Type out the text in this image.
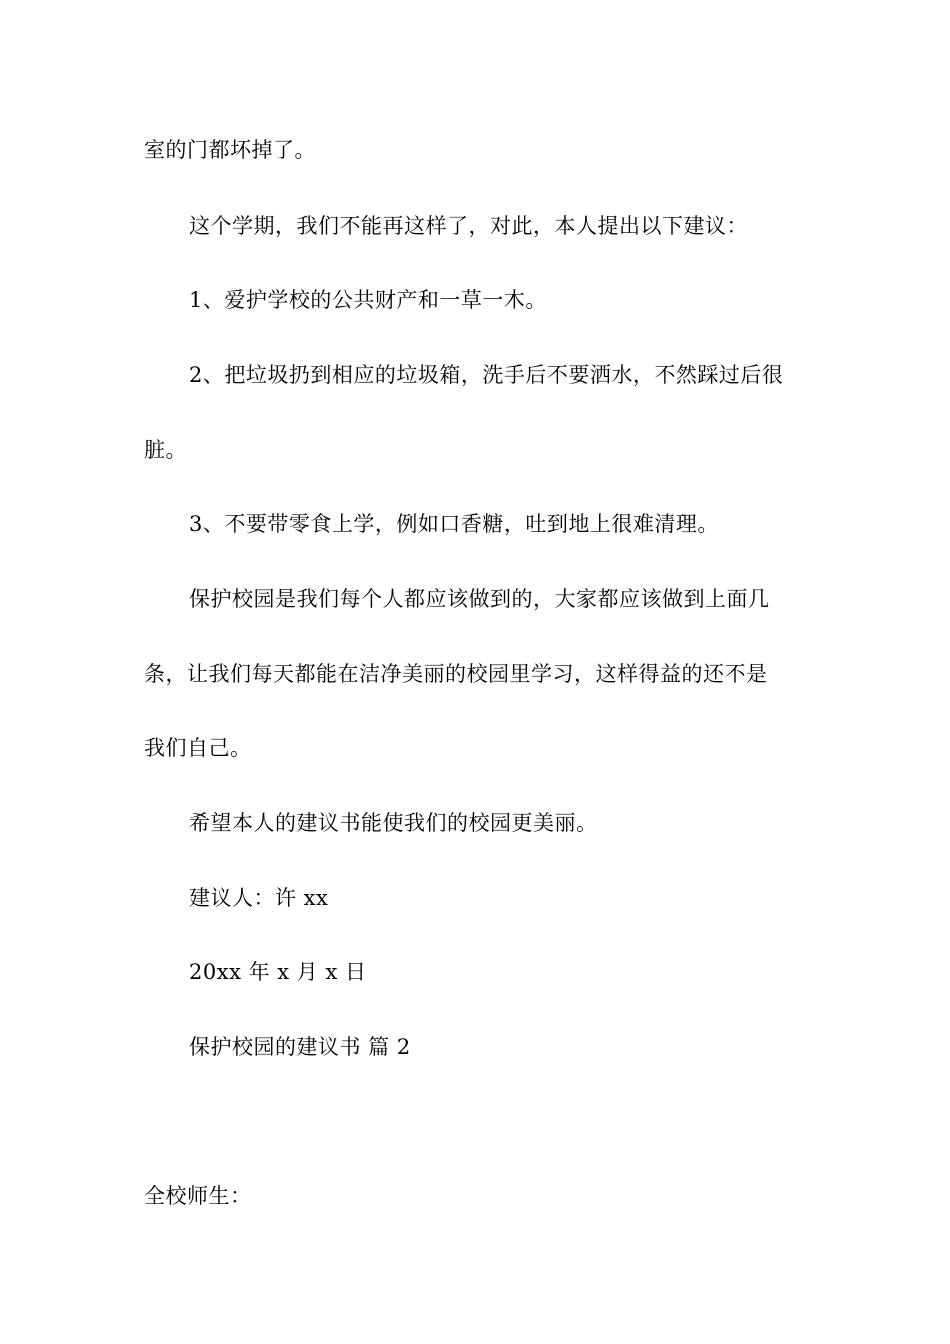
室的门都坏掉了。
这个学期，我们不能再这样了，对此，本人提出以下建议：
1、爱护学校的公共财产和一草一木。
2、把垃圾扔到相应的垃圾箱，洗手后不要洒水，不然踩过后很
脏。
3、不要带零食上学，例如口香糖，吐到地上很难清理。
保护校园是我们每个人都应该做到的，大家都应该做到上面几
条，让我们每天都能在洁净美丽的校园里学习，这样得益的还不是
我们自己。
希望本人的建议书能使我们的校园更美丽。
建议人：许 xx
20xx 年 x 月 x 日
保护校园的建议书 篇 2
全校师生：
